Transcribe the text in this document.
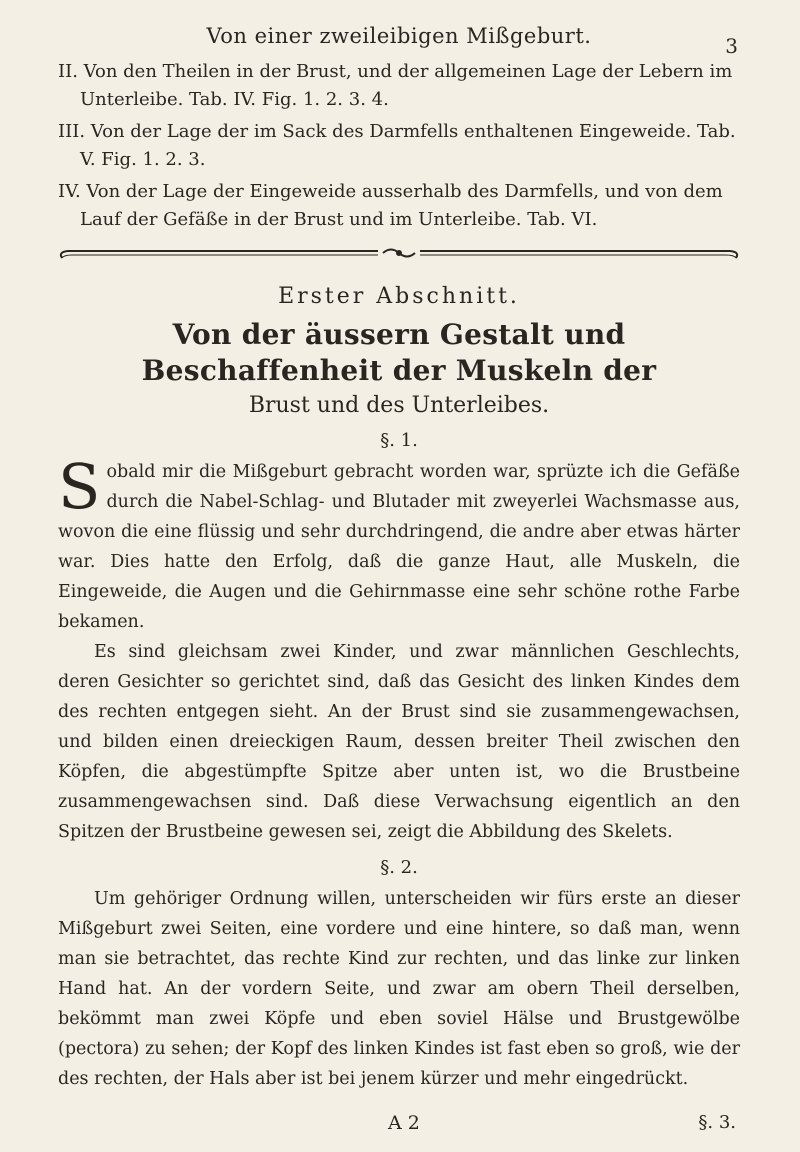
Von einer zweileibigen Mißgeburt.	3
II. Von den Theilen in der Brust, und der allgemeinen Lage der Lebern im Unterleibe. Tab. IV. Fig. 1. 2. 3. 4.
III. Von der Lage der im Sack des Darmfells enthaltenen Eingeweide. Tab. V. Fig. 1. 2. 3.
IV. Von der Lage der Eingeweide ausserhalb des Darmfells, und von dem Lauf der Gefäße in der Brust und im Unterleibe. Tab. VI.
Erster Abschnitt.
Von der äussern Gestalt und Beschaffenheit der Muskeln der
Brust und des Unterleibes.
§. 1.

Sobald mir die Mißgeburt gebracht worden war, sprüzte ich die Gefäße durch die Nabel-Schlag- und Blutader mit zweyerlei Wachsmasse aus, wovon die eine flüssig und sehr durchdringend, die andre aber etwas härter war. Dies hatte den Erfolg, daß die ganze Haut, alle Muskeln, die Eingeweide, die Augen und die Gehirnmasse eine sehr schöne rothe Farbe bekamen.

Es sind gleichsam zwei Kinder, und zwar männlichen Geschlechts, deren Gesichter so gerichtet sind, daß das Gesicht des linken Kindes dem des rechten entgegen sieht. An der Brust sind sie zusammengewachsen, und bilden einen dreieckigen Raum, dessen breiter Theil zwischen den Köpfen, die abgestümpfte Spitze aber unten ist, wo die Brustbeine zusammengewachsen sind. Daß diese Verwachsung eigentlich an den Spitzen der Brustbeine gewesen sei, zeigt die Abbildung des Skelets.

§. 2.

Um gehöriger Ordnung willen, unterscheiden wir fürs erste an dieser Mißgeburt zwei Seiten, eine vordere und eine hintere, so daß man, wenn man sie betrachtet, das rechte Kind zur rechten, und das linke zur linken Hand hat. An der vordern Seite, und zwar am obern Theil derselben, bekömmt man zwei Köpfe und eben soviel Hälse und Brustgewölbe (pectora) zu sehen; der Kopf des linken Kindes ist fast eben so groß, wie der des rechten, der Hals aber ist bei jenem kürzer und mehr eingedrückt.

A 2	§. 3.
